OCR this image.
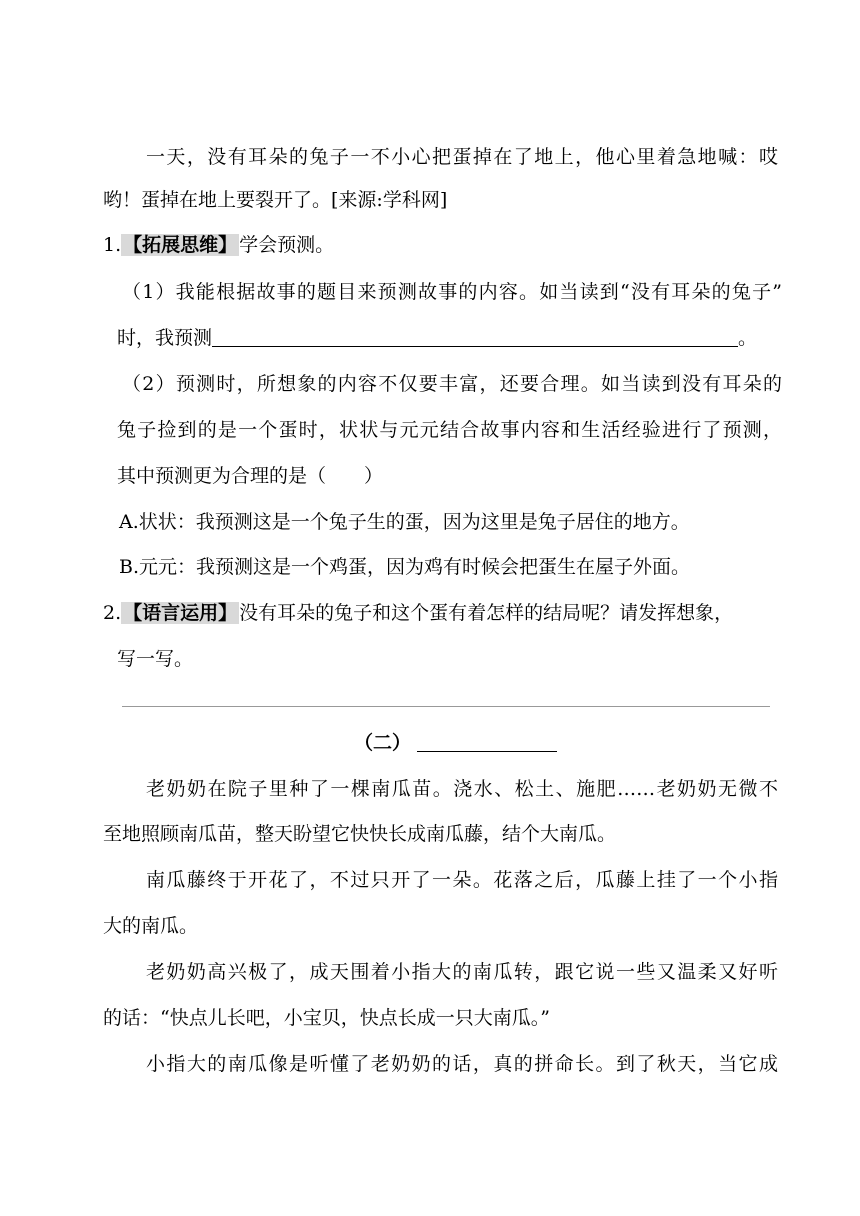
一天，没有耳朵的兔子一不小心把蛋掉在了地上，他心里着急地喊：哎
哟！蛋掉在地上要裂开了。[来源:学科网]
1. 【拓展思维】 学会预测。
（1）我能根据故事的题目来预测故事的内容。如当读到“没有耳朵的兔子”
时，我预测	。
（2）预测时，所想象的内容不仅要丰富，还要合理。如当读到没有耳朵的
兔子捡到的是一个蛋时，状状与元元结合故事内容和生活经验进行了预测，
其中预测更为合理的是（　　）
A.状状：我预测这是一个兔子生的蛋，因为这里是兔子居住的地方。
B.元元：我预测这是一个鸡蛋，因为鸡有时候会把蛋生在屋子外面。
2. 【语言运用】 没有耳朵的兔子和这个蛋有着怎样的结局呢？请发挥想象，
写一写。
（二）
老奶奶在院子里种了一棵南瓜苗。浇水、松土、施肥……老奶奶无微不
至地照顾南瓜苗，整天盼望它快快长成南瓜藤，结个大南瓜。
南瓜藤终于开花了，不过只开了一朵。花落之后，瓜藤上挂了一个小指
大的南瓜。
老奶奶高兴极了，成天围着小指大的南瓜转，跟它说一些又温柔又好听
的话：“快点儿长吧，小宝贝，快点长成一只大南瓜。”
小指大的南瓜像是听懂了老奶奶的话，真的拼命长。到了秋天，当它成
